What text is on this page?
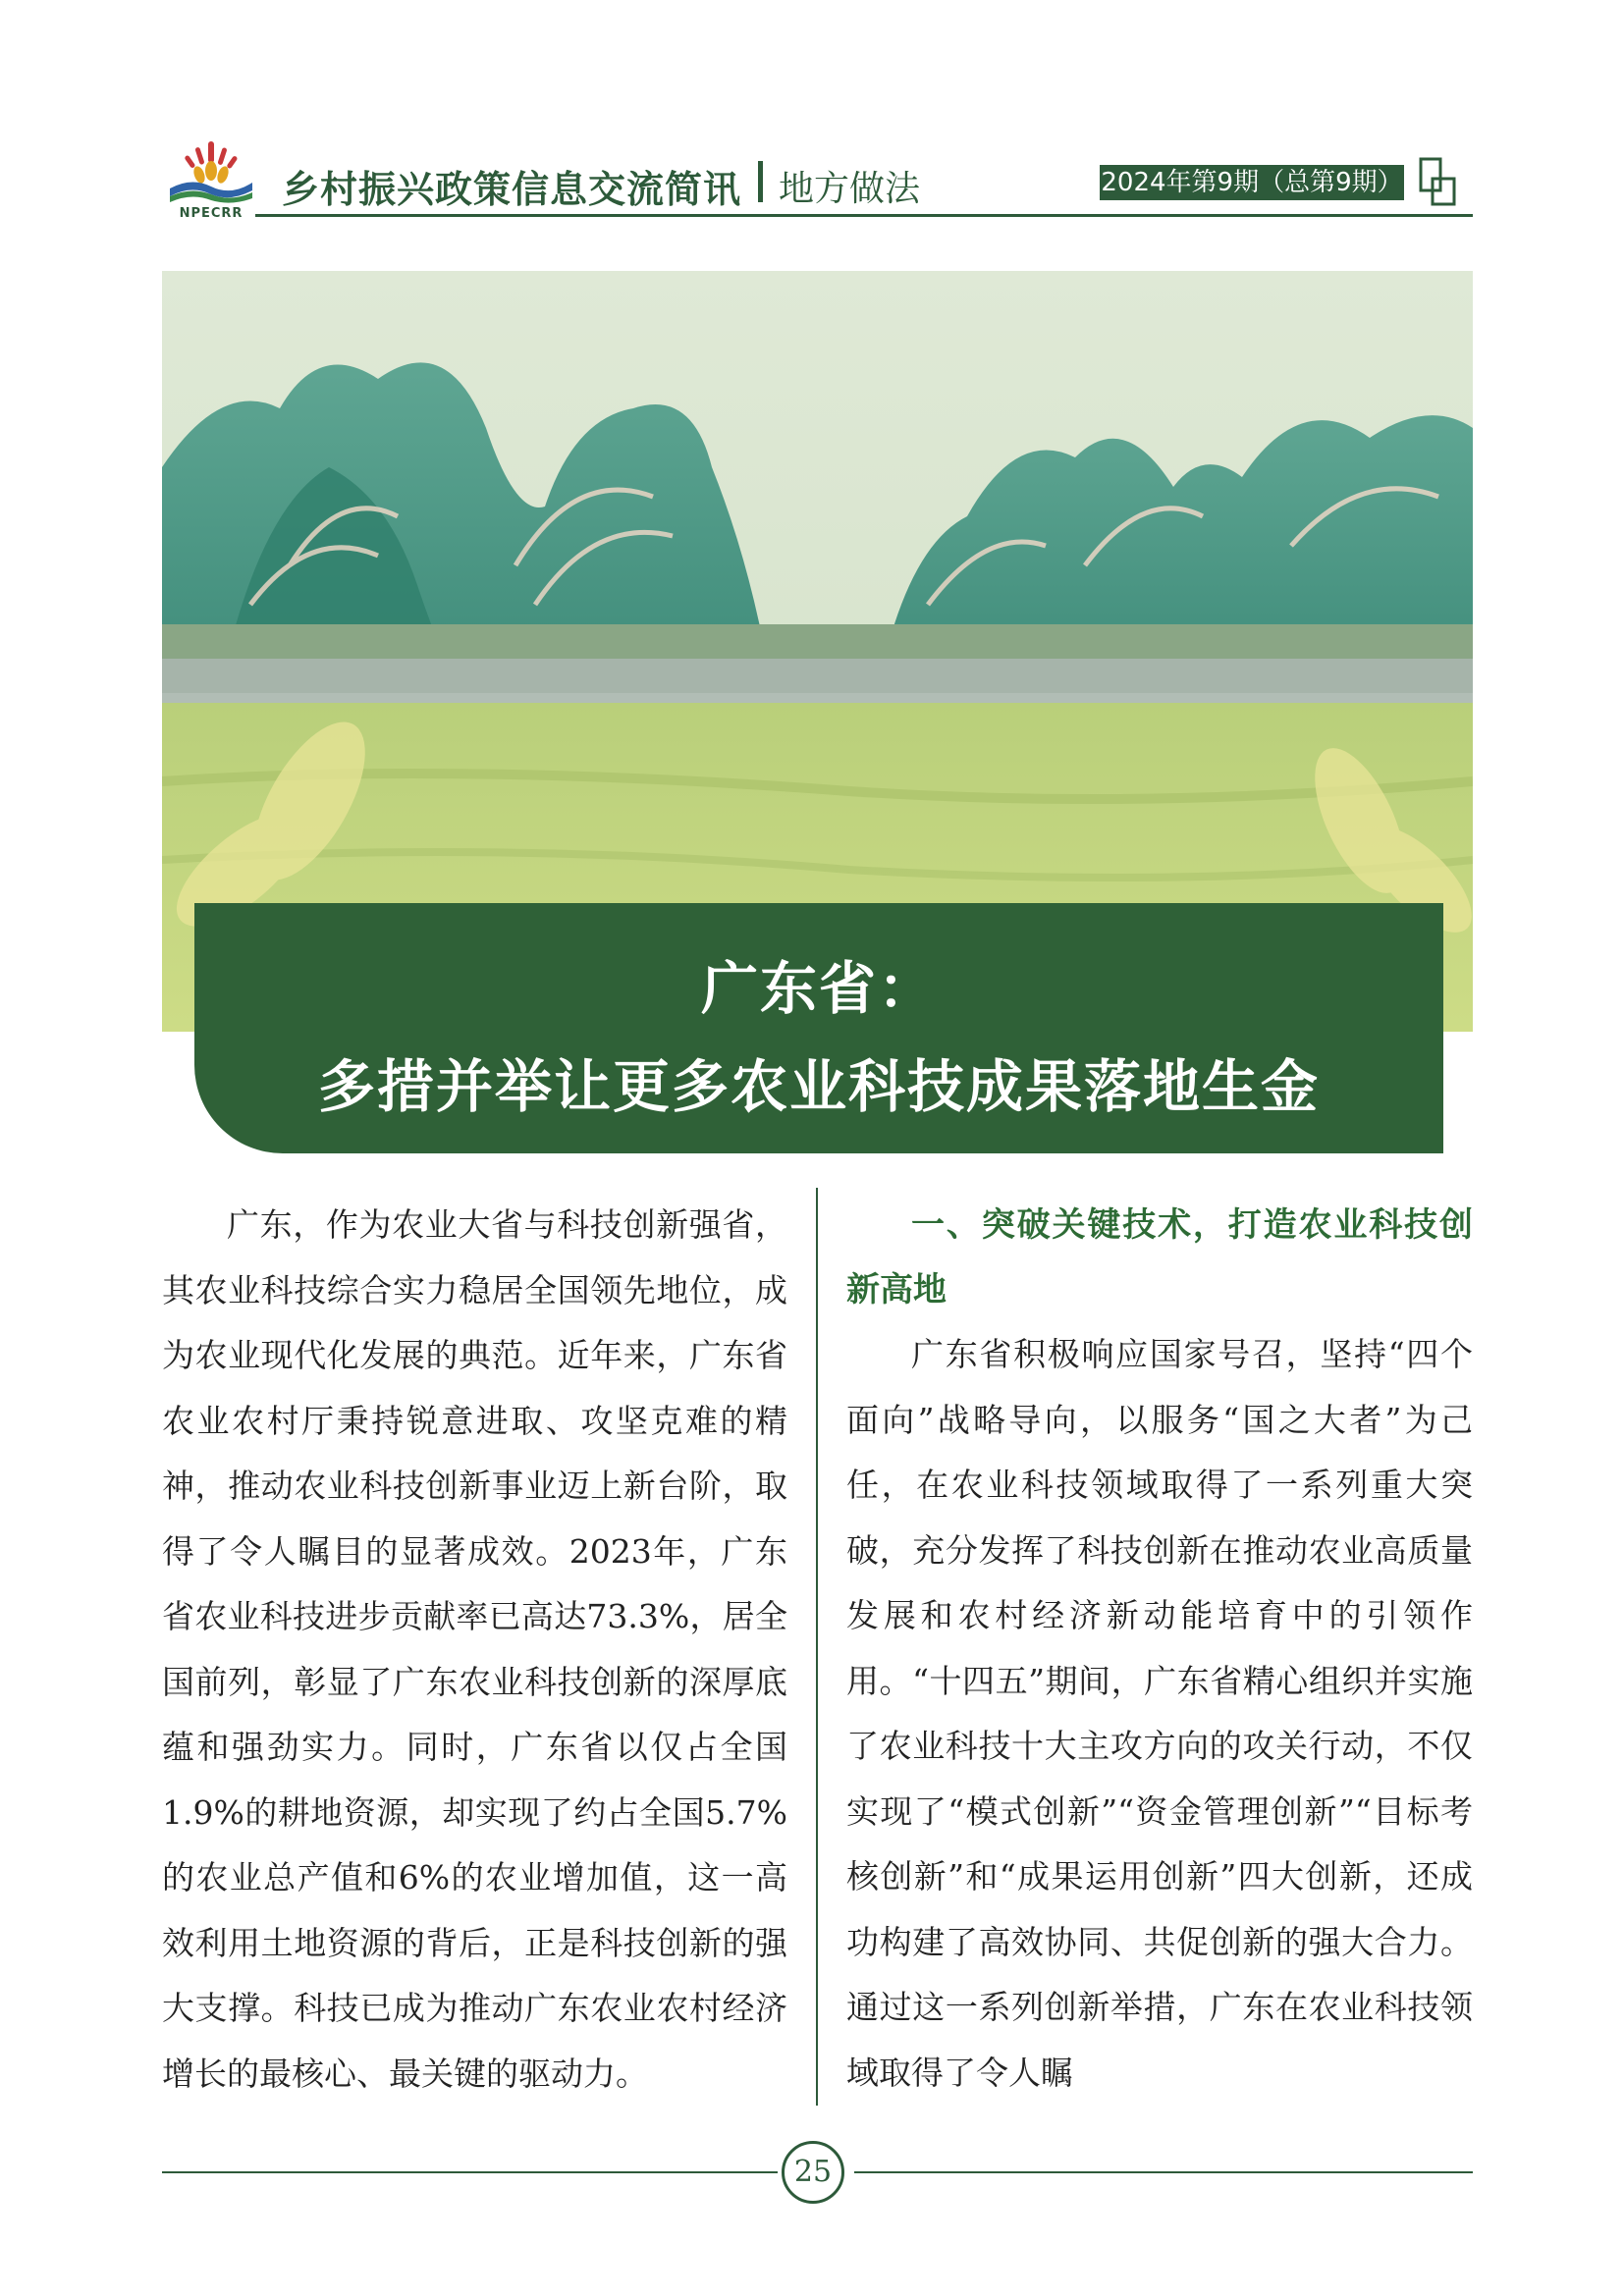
NPECRR
乡村振兴政策信息交流简讯 地方做法	2024年第9期（总第9期）
广东省：
多措并举让更多农业科技成果落地生金

广东，作为农业大省与科技创新强省，其农业科技综合实力稳居全国领先地位，成为农业现代化发展的典范。近年来，广东省农业农村厅秉持锐意进取、攻坚克难的精神，推动农业科技创新事业迈上新台阶，取得了令人瞩目的显著成效。2023年，广东省农业科技进步贡献率已高达73.3%，居全国前列，彰显了广东农业科技创新的深厚底蕴和强劲实力。同时，广东省以仅占全国1.9%的耕地资源，却实现了约占全国5.7%的农业总产值和6%的农业增加值，这一高效利用土地资源的背后，正是科技创新的强大支撑。科技已成为推动广东农业农村经济增长的最核心、最关键的驱动力。

一、突破关键技术，打造农业科技创新高地

广东省积极响应国家号召，坚持“四个面向”战略导向，以服务“国之大者”为己任，在农业科技领域取得了一系列重大突破，充分发挥了科技创新在推动农业高质量发展和农村经济新动能培育中的引领作用。“十四五”期间，广东省精心组织并实施了农业科技十大主攻方向的攻关行动，不仅实现了“模式创新”“资金管理创新”“目标考核创新”和“成果运用创新”四大创新，还成功构建了高效协同、共促创新的强大合力。通过这一系列创新举措，广东在农业科技领域取得了令人瞩

25
